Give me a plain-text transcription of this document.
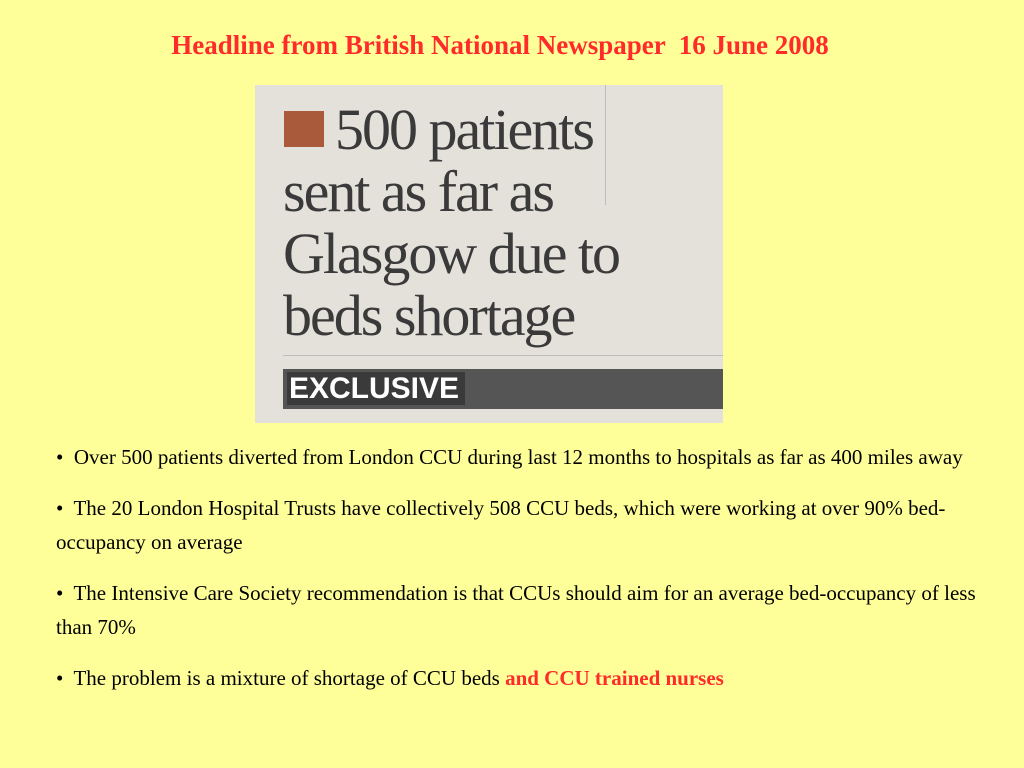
Headline from British National Newspaper  16 June 2008
500 patients
sent as far as
Glasgow due to
beds shortage
EXCLUSIVE
•  Over 500 patients diverted from London CCU during last 12 months to hospitals as far as 400 miles away
•  The 20 London Hospital Trusts have collectively 508 CCU beds, which were working at over 90% bed-occupancy on average
•  The Intensive Care Society recommendation is that CCUs should aim for an average bed-occupancy of less than 70%
•  The problem is a mixture of shortage of CCU beds and CCU trained nurses
